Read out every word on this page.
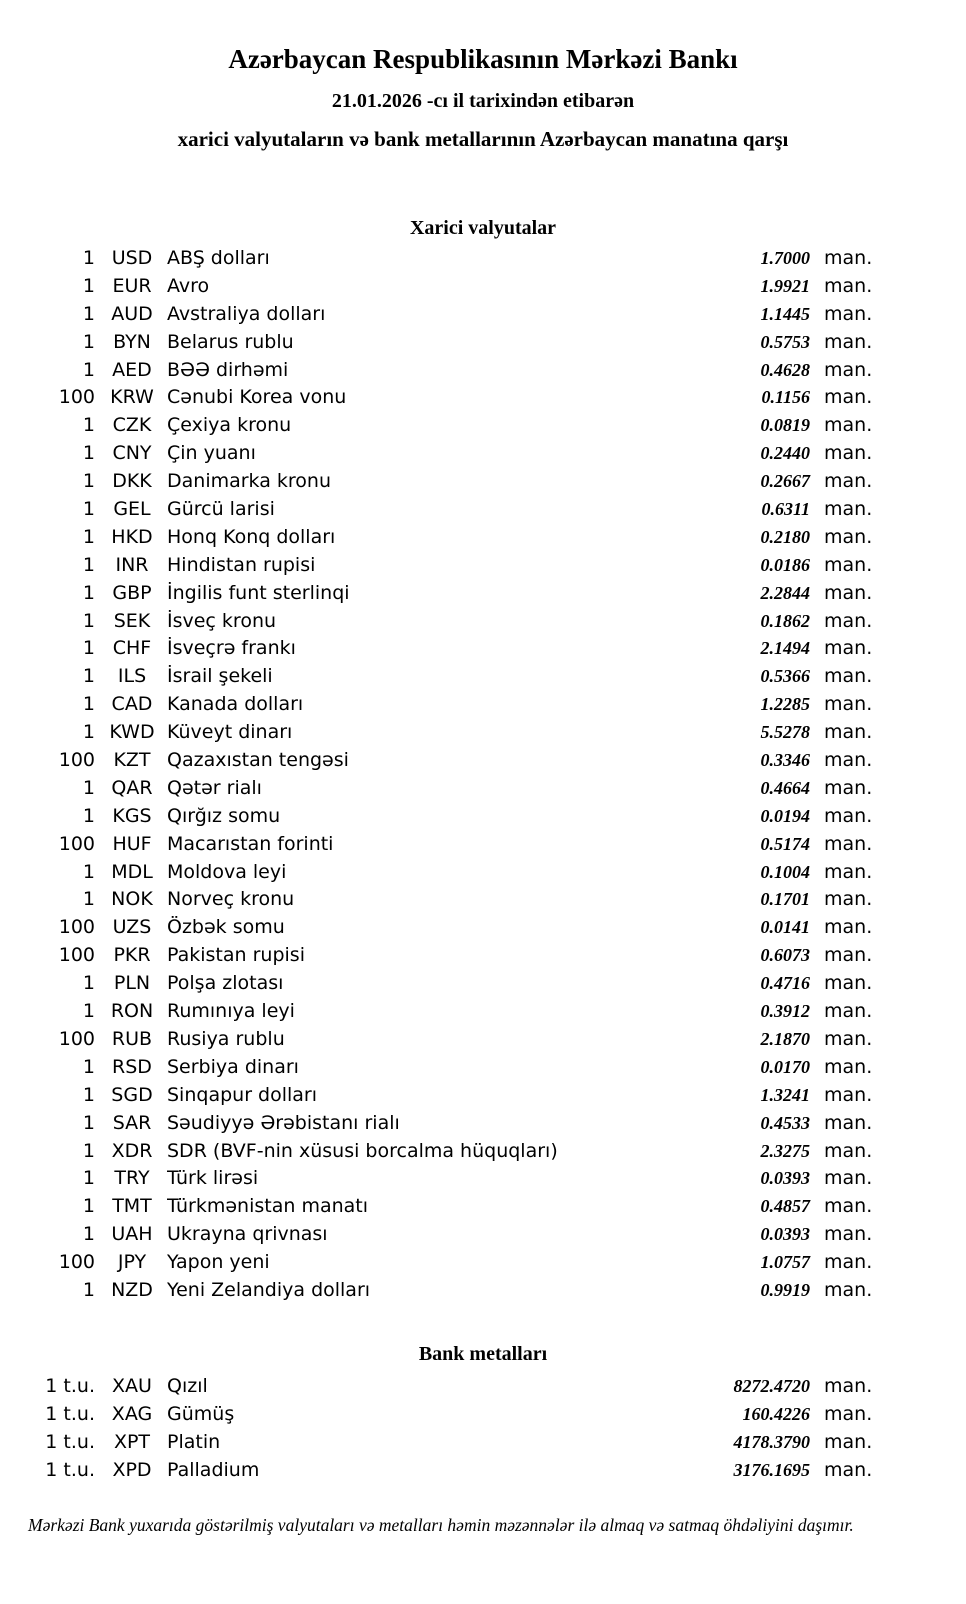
Azərbaycan Respublikasının Mərkəzi Bankı
21.01.2026 -cı il tarixindən etibarən
xarici valyutaların və bank metallarının Azərbaycan manatına qarşı
Xarici valyutalar
1 USD ABŞ dolları	1.7000 man.
1 EUR Avro	1.9921 man.
1 AUD Avstraliya dolları	1.1445 man.
1 BYN Belarus rublu	0.5753 man.
1 AED BƏƏ dirhəmi	0.4628 man.
100 KRW Cənubi Korea vonu	0.1156 man.
1 CZK Çexiya kronu	0.0819 man.
1 CNY Çin yuanı	0.2440 man.
1 DKK Danimarka kronu	0.2667 man.
1 GEL Gürcü larisi	0.6311 man.
1 HKD Honq Konq dolları	0.2180 man.
1	INR Hindistan rupisi	0.0186 man.
1 GBP İngilis funt sterlinqi	2.2844 man.
1 SEK İsveç kronu	0.1862 man.
1 CHF İsveçrə frankı	2.1494 man.
1	ILS	İsrail şekeli	0.5366 man.
1 CAD Kanada dolları	1.2285 man.
1 KWD Küveyt dinarı	5.5278 man.
100 KZT Qazaxıstan tengəsi	0.3346 man.
1 QAR Qətər rialı	0.4664 man.
1 KGS Qırğız somu	0.0194 man.
100 HUF Macarıstan forinti	0.5174 man.
1 MDL Moldova leyi	0.1004 man.
1 NOK Norveç kronu	0.1701 man.
100 UZS Özbək somu	0.0141 man.
100 PKR Pakistan rupisi	0.6073 man.
1 PLN Polşa zlotası	0.4716 man.
1 RON Rumınıya leyi	0.3912 man.
100 RUB Rusiya rublu	2.1870 man.
1 RSD Serbiya dinarı	0.0170 man.
1 SGD Sinqapur dolları	1.3241 man.
1 SAR Səudiyyə Ərəbistanı rialı	0.4533 man.
1 XDR SDR (BVF-nin xüsusi borcalma hüquqları)	2.3275 man.
1	TRY Türk lirəsi	0.0393 man.
1 TMT Türkmənistan manatı	0.4857 man.
1 UAH Ukrayna qrivnası	0.0393 man.
100	JPY	Yapon yeni	1.0757 man.
1 NZD Yeni Zelandiya dolları	0.9919 man.
Bank metalları
1 t.u. XAU Qızıl	8272.4720 man.
1 t.u. XAG Gümüş	160.4226 man.
1 t.u. XPT Platin	4178.3790 man.
1 t.u. XPD Palladium	3176.1695 man.
Mərkəzi Bank yuxarıda göstərilmiş valyutaları və metalları həmin məzənnələr ilə almaq və satmaq öhdəliyini daşımır.
